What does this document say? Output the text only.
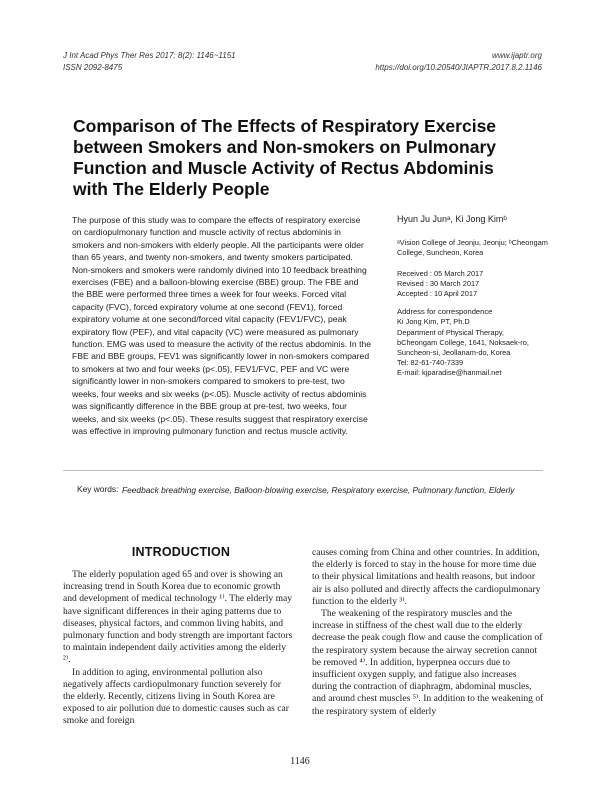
J Int Acad Phys Ther Res 2017; 8(2): 1146~1151
ISSN 2092-8475
www.ijaptr.org
https://doi.org/10.20540/JIAPTR.2017.8.2.1146
Comparison of The Effects of Respiratory Exercise between Smokers and Non-smokers on Pulmonary Function and Muscle Activity of Rectus Abdominis with The Elderly People

The purpose of this study was to compare the effects of respiratory exercise on cardiopulmonary function and muscle activity of rectus abdominis in smokers and non-smokers with elderly people. All the participants were older than 65 years, and twenty non-smokers, and twenty smokers participated. Non-smokers and smokers were randomly divined into 10 feedback breathing exercises (FBE) and a balloon-blowing exercise (BBE) group. The FBE and the BBE were performed three times a week for four weeks. Forced vital capacity (FVC), forced expiratory volume at one second (FEV1), forced expiratory volume at one second/forced vital capacity (FEV1/FVC), peak expiratory flow (PEF), and vital capacity (VC) were measured as pulmonary function. EMG was used to measure the activity of the rectus abdominis. In the FBE and BBE groups, FEV1 was significantly lower in non-smokers compared to smokers at two and four weeks (p<.05), FEV1/FVC, PEF and VC were significantly lower in non-smokers compared to smokers to pre-test, two weeks, four weeks and six weeks (p<.05). Muscle activity of rectus abdominis was significantly difference in the BBE group at pre-test, two weeks, four weeks, and six weeks (p<.05). These results suggest that respiratory exercise was effective in improving pulmonary function and rectus muscle activity.

Hyun Ju Junᵃ, Ki Jong Kimᵇ

ᵃVision College of Jeonju, Jeonju; ᵇCheongam College, Suncheon, Korea

Received : 05 March 2017

Revised : 30 March 2017

Accepted : 10 April 2017

Address for correspondence

Ki Jong Kim, PT, Ph.D

Department of Physical Therapy,

bCheongam College, 1641, Noksaek-ro,

Suncheon-si, Jeollanam-do, Korea

Tel: 82-61-740-7339

E-mail: kjparadise@hanmail.net

Key words: Feedback breathing exercise, Balloon-blowing exercise, Respiratory exercise, Pulmonary function, Elderly
INTRODUCTION

The elderly population aged 65 and over is showing an increasing trend in South Korea due to economic growth and development of medical technology ¹⁾. The elderly may have significant differences in their aging patterns due to diseases, physical factors, and common living habits, and pulmonary function and body strength are important factors to maintain independent daily activities among the elderly ²⁾.

In addition to aging, environmental pollution also negatively affects cardiopulmonary function severely for the elderly. Recently, citizens living in South Korea are exposed to air pollution due to domestic causes such as car smoke and foreign

causes coming from China and other countries. In addition, the elderly is forced to stay in the house for more time due to their physical limitations and health reasons, but indoor air is also polluted and directly affects the cardiopulmonary function to the elderly ³⁾.

The weakening of the respiratory muscles and the increase in stiffness of the chest wall due to the elderly decrease the peak cough flow and cause the complication of the respiratory system because the airway secretion cannot be removed ⁴⁾. In addition, hyperpnea occurs due to insufficient oxygen supply, and fatigue also increases during the contraction of diaphragm, abdominal muscles, and around chest muscles ⁵⁾. In addition to the weakening of the respiratory system of elderly

1146
